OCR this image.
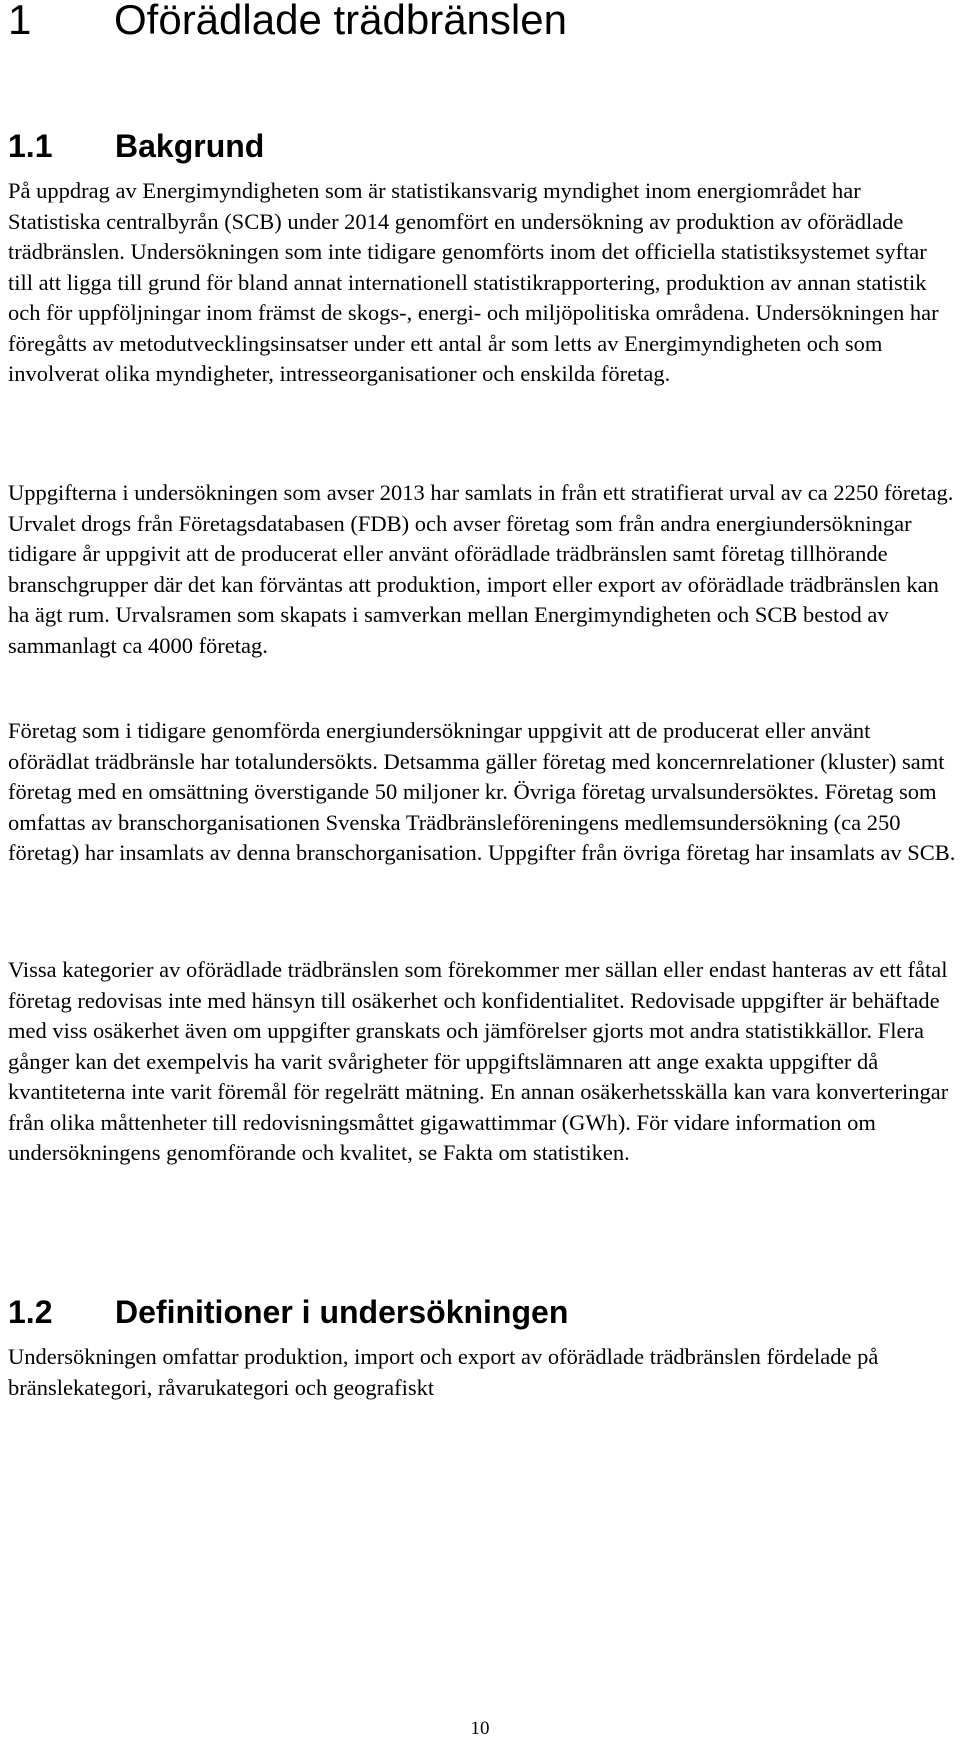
1 Oförädlade trädbränslen
1.1 Bakgrund

På uppdrag av Energimyndigheten som är statistikansvarig myndighet inom energiområdet har Statistiska centralbyrån (SCB) under 2014 genomfört en undersökning av produktion av oförädlade trädbränslen. Undersökningen som inte tidigare genomförts inom det officiella statistiksystemet syftar till att ligga till grund för bland annat internationell statistikrapportering, produktion av annan statistik och för uppföljningar inom främst de skogs-, energi- och miljöpolitiska områdena. Undersökningen har föregåtts av metodutvecklingsinsatser under ett antal år som letts av Energimyndigheten och som involverat olika myndigheter, intresseorganisationer och enskilda företag.

Uppgifterna i undersökningen som avser 2013 har samlats in från ett stratifierat urval av ca 2250 företag. Urvalet drogs från Företagsdatabasen (FDB) och avser företag som från andra energiundersökningar tidigare år uppgivit att de producerat eller använt oförädlade trädbränslen samt företag tillhörande branschgrupper där det kan förväntas att produktion, import eller export av oförädlade trädbränslen kan ha ägt rum. Urvalsramen som skapats i samverkan mellan Energimyndigheten och SCB bestod av sammanlagt ca 4000 företag.

Företag som i tidigare genomförda energiundersökningar uppgivit att de producerat eller använt oförädlat trädbränsle har totalundersökts. Detsamma gäller företag med koncernrelationer (kluster) samt företag med en omsättning överstigande 50 miljoner kr. Övriga företag urvalsundersöktes. Företag som omfattas av branschorganisationen Svenska Trädbränsleföreningens medlemsundersökning (ca 250 företag) har insamlats av denna branschorganisation. Uppgifter från övriga företag har insamlats av SCB.

Vissa kategorier av oförädlade trädbränslen som förekommer mer sällan eller endast hanteras av ett fåtal företag redovisas inte med hänsyn till osäkerhet och konfidentialitet. Redovisade uppgifter är behäftade med viss osäkerhet även om uppgifter granskats och jämförelser gjorts mot andra statistikkällor. Flera gånger kan det exempelvis ha varit svårigheter för uppgiftslämnaren att ange exakta uppgifter då kvantiteterna inte varit föremål för regelrätt mätning. En annan osäkerhetsskälla kan vara konverteringar från olika måttenheter till redovisningsmåttet gigawattimmar (GWh). För vidare information om undersökningens genomförande och kvalitet, se Fakta om statistiken.

1.2 Definitioner i undersökningen

Undersökningen omfattar produktion, import och export av oförädlade trädbränslen fördelade på bränslekategori, råvarukategori och geografiskt

10
